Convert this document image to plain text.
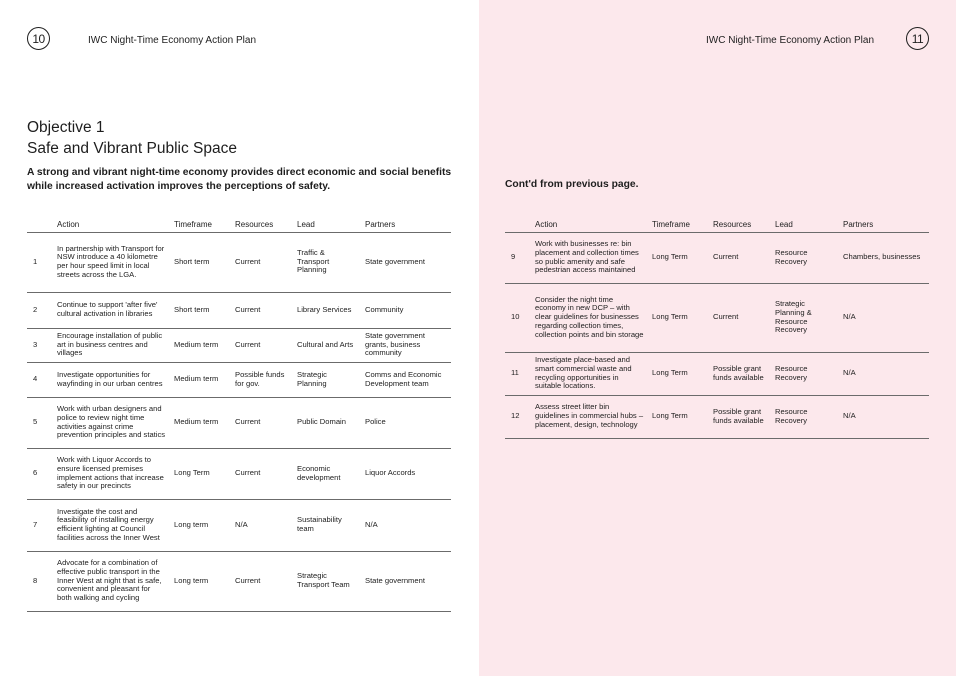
10	IWC Night-Time Economy Action Plan
Objective 1
Safe and Vibrant Public Space

A strong and vibrant night-time economy provides direct economic and social benefits while increased activation improves the perceptions of safety.

	Action	Timeframe	Resources	Lead	Partners
1	In partnership with Transport for NSW introduce a 40 kilometre per hour speed limit in local streets across the LGA.	Short term	Current	Traffic & Transport Planning	State government
2	Continue to support 'after five' cultural activation in libraries	Short term	Current	Library Services	Community
3	Encourage installation of public art in business centres and villages	Medium term	Current	Cultural and Arts	State government grants, business community
4	Investigate opportunities for wayfinding in our urban centres	Medium term	Possible funds for gov.	Strategic Planning	Comms and Economic Development team
5	Work with urban designers and police to review night time activities against crime prevention principles and statics	Medium term	Current	Public Domain	Police
6	Work with Liquor Accords to ensure licensed premises implement actions that increase safety in our precincts	Long Term	Current	Economic development	Liquor Accords
7	Investigate the cost and feasibility of installing energy efficient lighting at Council facilities across the Inner West	Long term	N/A	Sustainability team	N/A
8	Advocate for a combination of effective public transport in the Inner West at night that is safe, convenient and pleasant for both walking and cycling	Long term	Current	Strategic Transport Team	State government
IWC Night-Time Economy Action Plan	11

Cont'd from previous page.

	Action	Timeframe	Resources	Lead	Partners
9	Work with businesses re: bin placement and collection times so public amenity and safe pedestrian access maintained	Long Term	Current	Resource Recovery	Chambers, businesses
10	Consider the night time economy in new DCP – with clear guidelines for businesses regarding collection times, collection points and bin storage	Long Term	Current	Strategic Planning & Resource Recovery	N/A
11	Investigate place-based and smart commercial waste and recycling opportunities in suitable locations.	Long Term	Possible grant funds available	Resource Recovery	N/A
12	Assess street litter bin guidelines in commercial hubs – placement, design, technology	Long Term	Possible grant funds available	Resource Recovery	N/A
